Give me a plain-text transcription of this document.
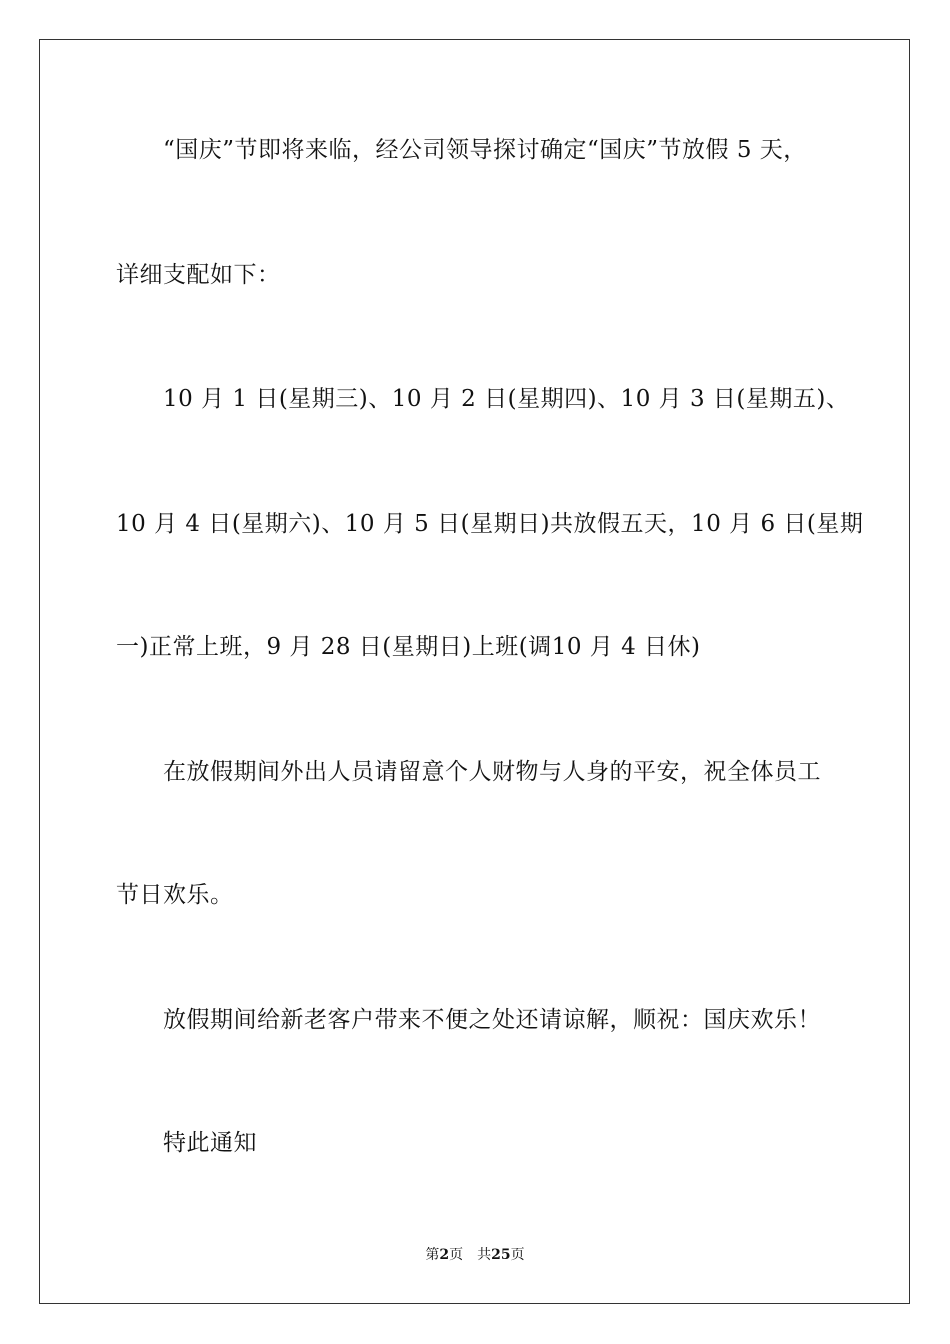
“国庆”节即将来临，经公司领导探讨确定“国庆”节放假 5 天，
详细支配如下：
10 月 1 日(星期三)、10 月 2 日(星期四)、10 月 3 日(星期五)、
10 月 4 日(星期六)、10 月 5 日(星期日)共放假五天，10 月 6 日(星期
一)正常上班，9 月 28 日(星期日)上班(调10 月 4 日休)
在放假期间外出人员请留意个人财物与人身的平安，祝全体员工
节日欢乐。
放假期间给新老客户带来不便之处还请谅解，顺祝：国庆欢乐！
特此通知
第2页 共25页
